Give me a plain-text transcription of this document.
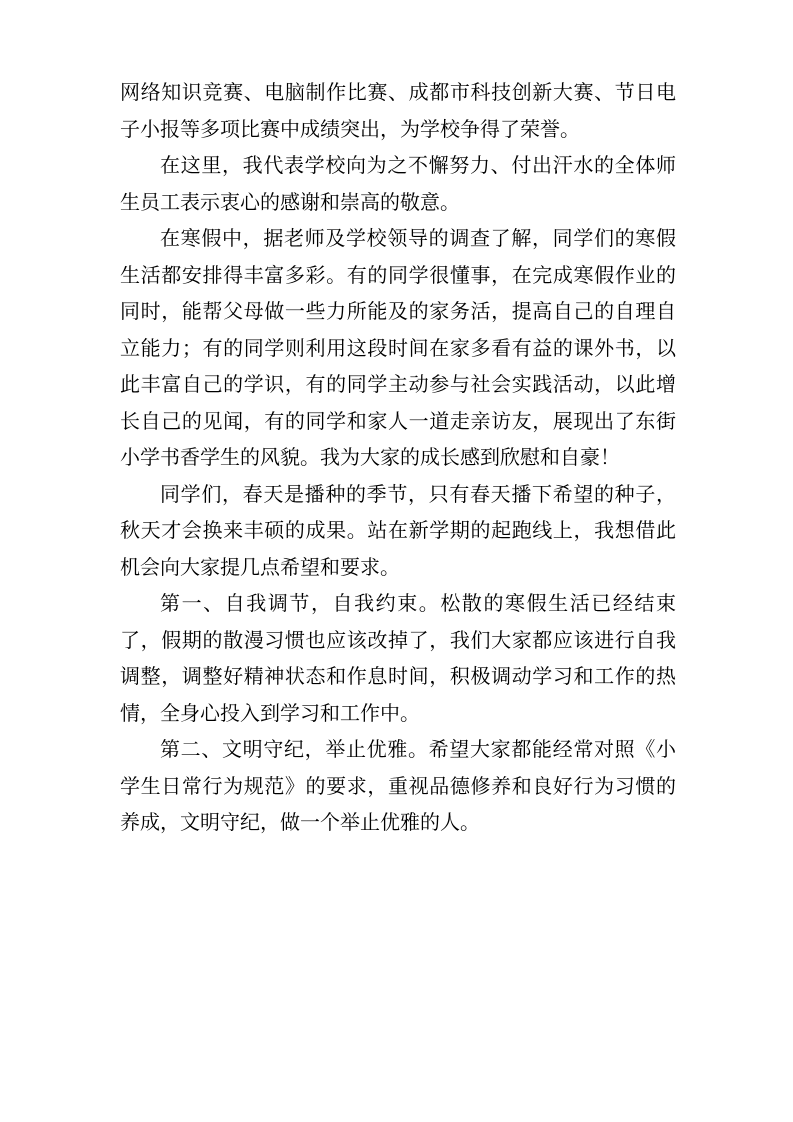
网络知识竞赛、电脑制作比赛、成都市科技创新大赛、节日电子小报等多项比赛中成绩突出，为学校争得了荣誉。

在这里，我代表学校向为之不懈努力、付出汗水的全体师生员工表示衷心的感谢和崇高的敬意。

在寒假中，据老师及学校领导的调查了解，同学们的寒假生活都安排得丰富多彩。有的同学很懂事，在完成寒假作业的同时，能帮父母做一些力所能及的家务活，提高自己的自理自立能力；有的同学则利用这段时间在家多看有益的课外书，以此丰富自己的学识，有的同学主动参与社会实践活动，以此增长自己的见闻，有的同学和家人一道走亲访友，展现出了东街小学书香学生的风貌。我为大家的成长感到欣慰和自豪！

同学们，春天是播种的季节，只有春天播下希望的种子，秋天才会换来丰硕的成果。站在新学期的起跑线上，我想借此机会向大家提几点希望和要求。

第一、自我调节，自我约束。松散的寒假生活已经结束了，假期的散漫习惯也应该改掉了，我们大家都应该进行自我调整，调整好精神状态和作息时间，积极调动学习和工作的热情，全身心投入到学习和工作中。

第二、文明守纪，举止优雅。希望大家都能经常对照《小学生日常行为规范》的要求，重视品德修养和良好行为习惯的养成，文明守纪，做一个举止优雅的人。
